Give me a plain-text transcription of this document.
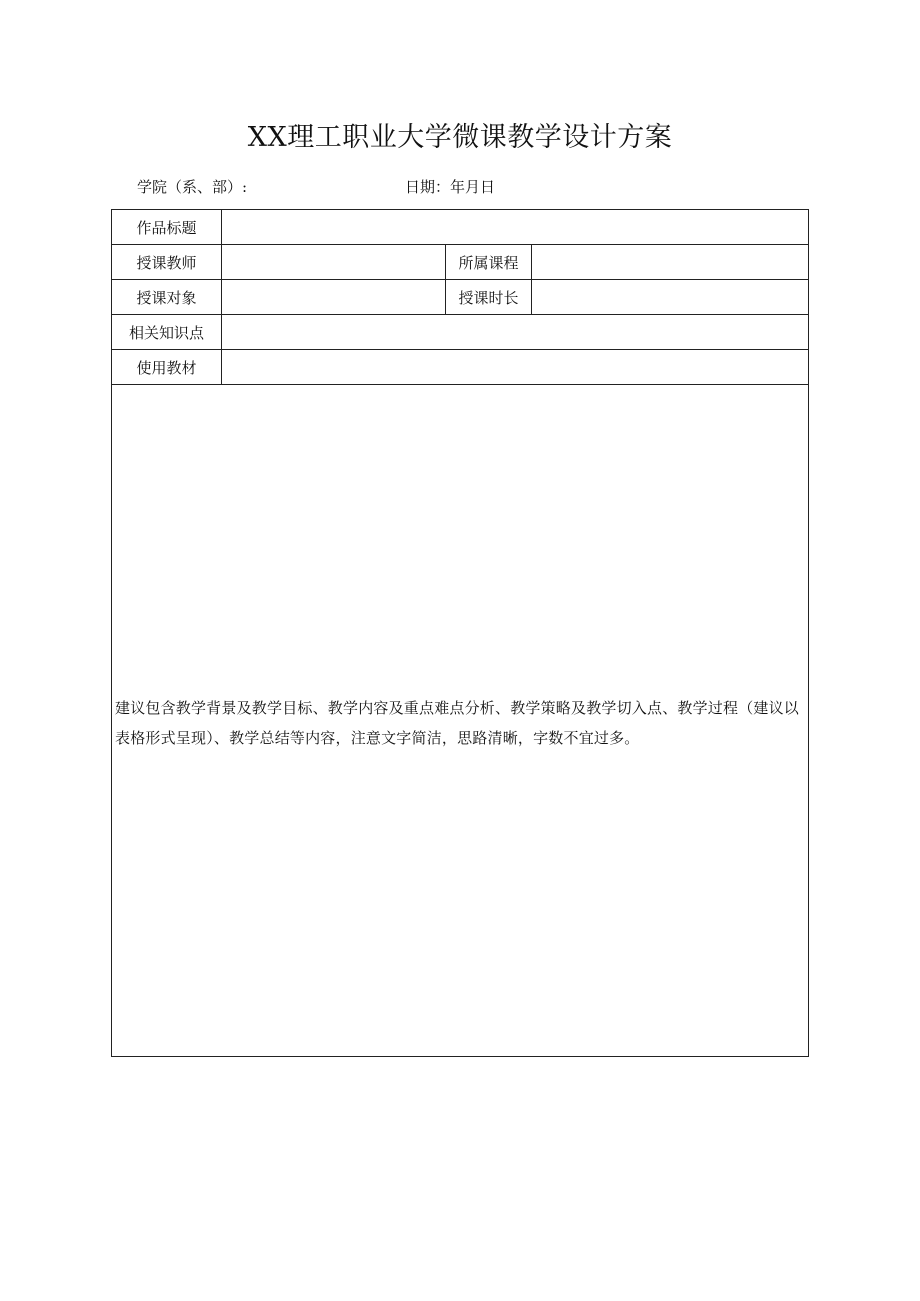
XX理工职业大学微课教学设计方案
学院（系、部）:	日期：年月日
作品标题			
授课教师		所属课程	
授课对象		授课时长	
相关知识点			
使用教材			
建议包含教学背景及教学目标、教学内容及重点难点分析、教学策略及教学切入点、教学过程（建议以表格形式呈现）、教学总结等内容，注意文字简洁，思路清晰，字数不宜过多。			
